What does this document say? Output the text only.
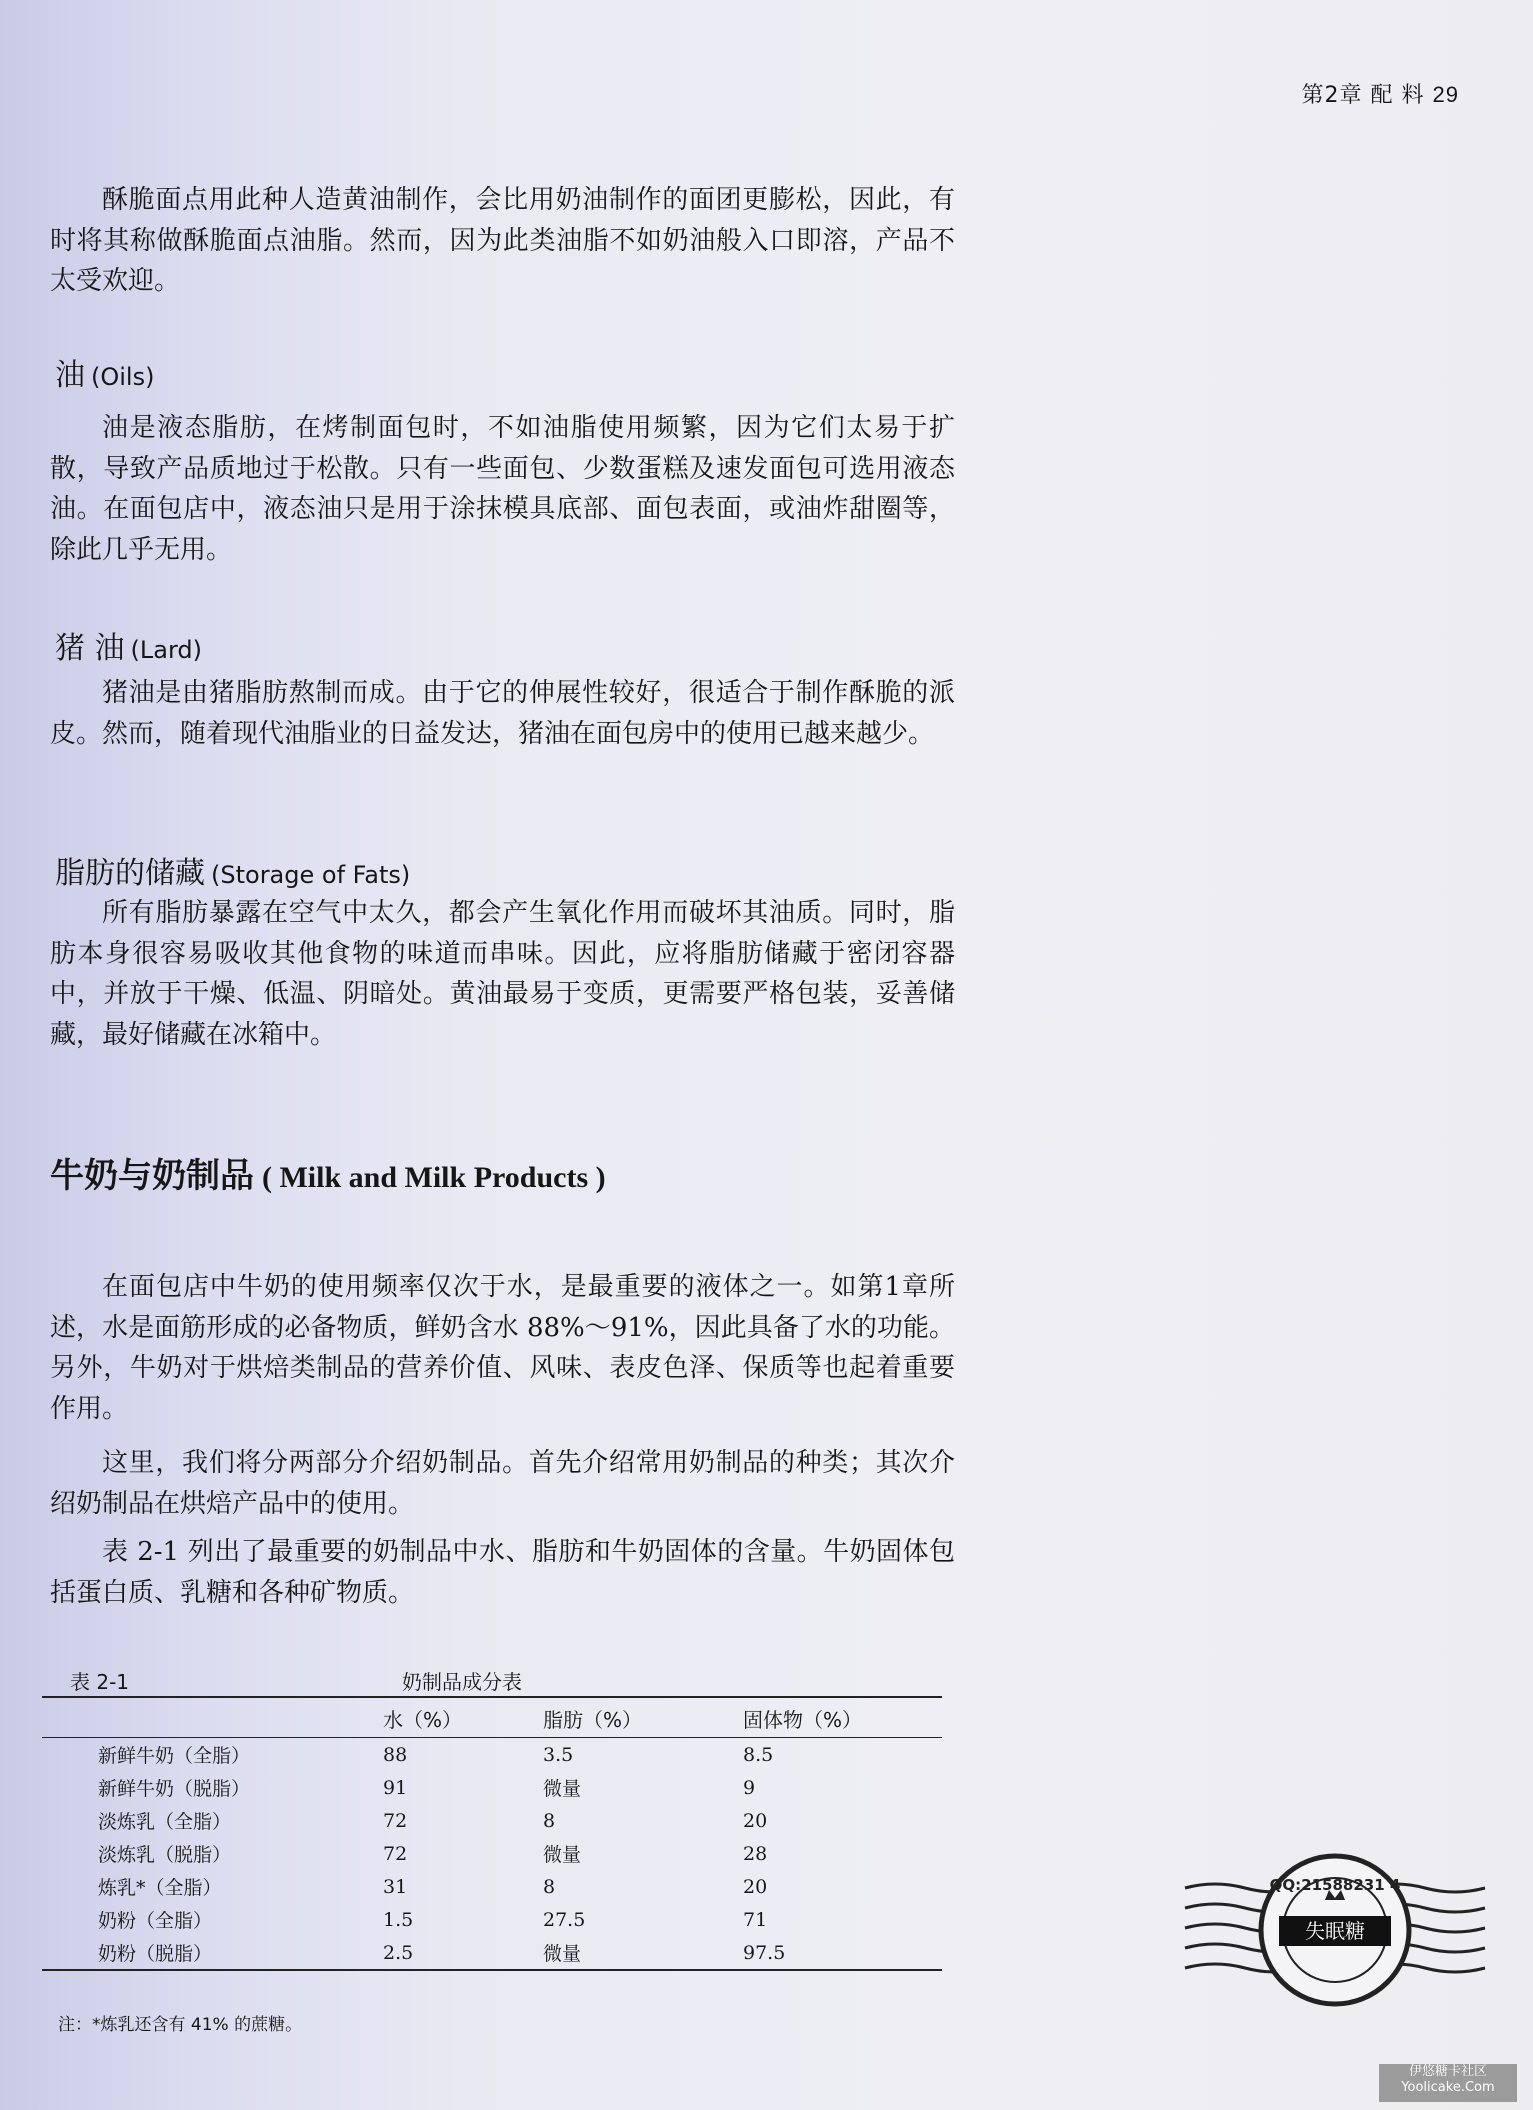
第2章 配 料 29

酥脆面点用此种人造黄油制作，会比用奶油制作的面团更膨松，因此，有时将其称做酥脆面点油脂。然而，因为此类油脂不如奶油般入口即溶，产品不太受欢迎。

油 (Oils)

油是液态脂肪，在烤制面包时，不如油脂使用频繁，因为它们太易于扩散，导致产品质地过于松散。只有一些面包、少数蛋糕及速发面包可选用液态油。在面包店中，液态油只是用于涂抹模具底部、面包表面，或油炸甜圈等，除此几乎无用。

猪 油 (Lard)

猪油是由猪脂肪熬制而成。由于它的伸展性较好，很适合于制作酥脆的派皮。然而，随着现代油脂业的日益发达，猪油在面包房中的使用已越来越少。

脂肪的储藏 (Storage of Fats)

所有脂肪暴露在空气中太久，都会产生氧化作用而破坏其油质。同时，脂肪本身很容易吸收其他食物的味道而串味。因此，应将脂肪储藏于密闭容器中，并放于干燥、低温、阴暗处。黄油最易于变质，更需要严格包装，妥善储藏，最好储藏在冰箱中。

牛奶与奶制品 ( Milk and Milk Products )

在面包店中牛奶的使用频率仅次于水，是最重要的液体之一。如第1章所述，水是面筋形成的必备物质，鲜奶含水 88%～91%，因此具备了水的功能。另外，牛奶对于烘焙类制品的营养价值、风味、表皮色泽、保质等也起着重要作用。

这里，我们将分两部分介绍奶制品。首先介绍常用奶制品的种类；其次介绍奶制品在烘焙产品中的使用。

表 2-1 列出了最重要的奶制品中水、脂肪和牛奶固体的含量。牛奶固体包括蛋白质、乳糖和各种矿物质。

表 2-1	奶制品成分表
	水（%）	脂肪（%）	固体物（%）
新鲜牛奶（全脂）	88	3.5	8.5
新鲜牛奶（脱脂）	91	微量	9
淡炼乳（全脂）	72	8	20
淡炼乳（脱脂）	72	微量	28
炼乳*（全脂）	31	8	20
奶粉（全脂）	1.5	27.5	71
奶粉（脱脂）	2.5	微量	97.5
注：*炼乳还含有 41% 的蔗糖。
失眠糖
QQ:21588231 4
伊悠糖卡社区
Yoolicake.Com
